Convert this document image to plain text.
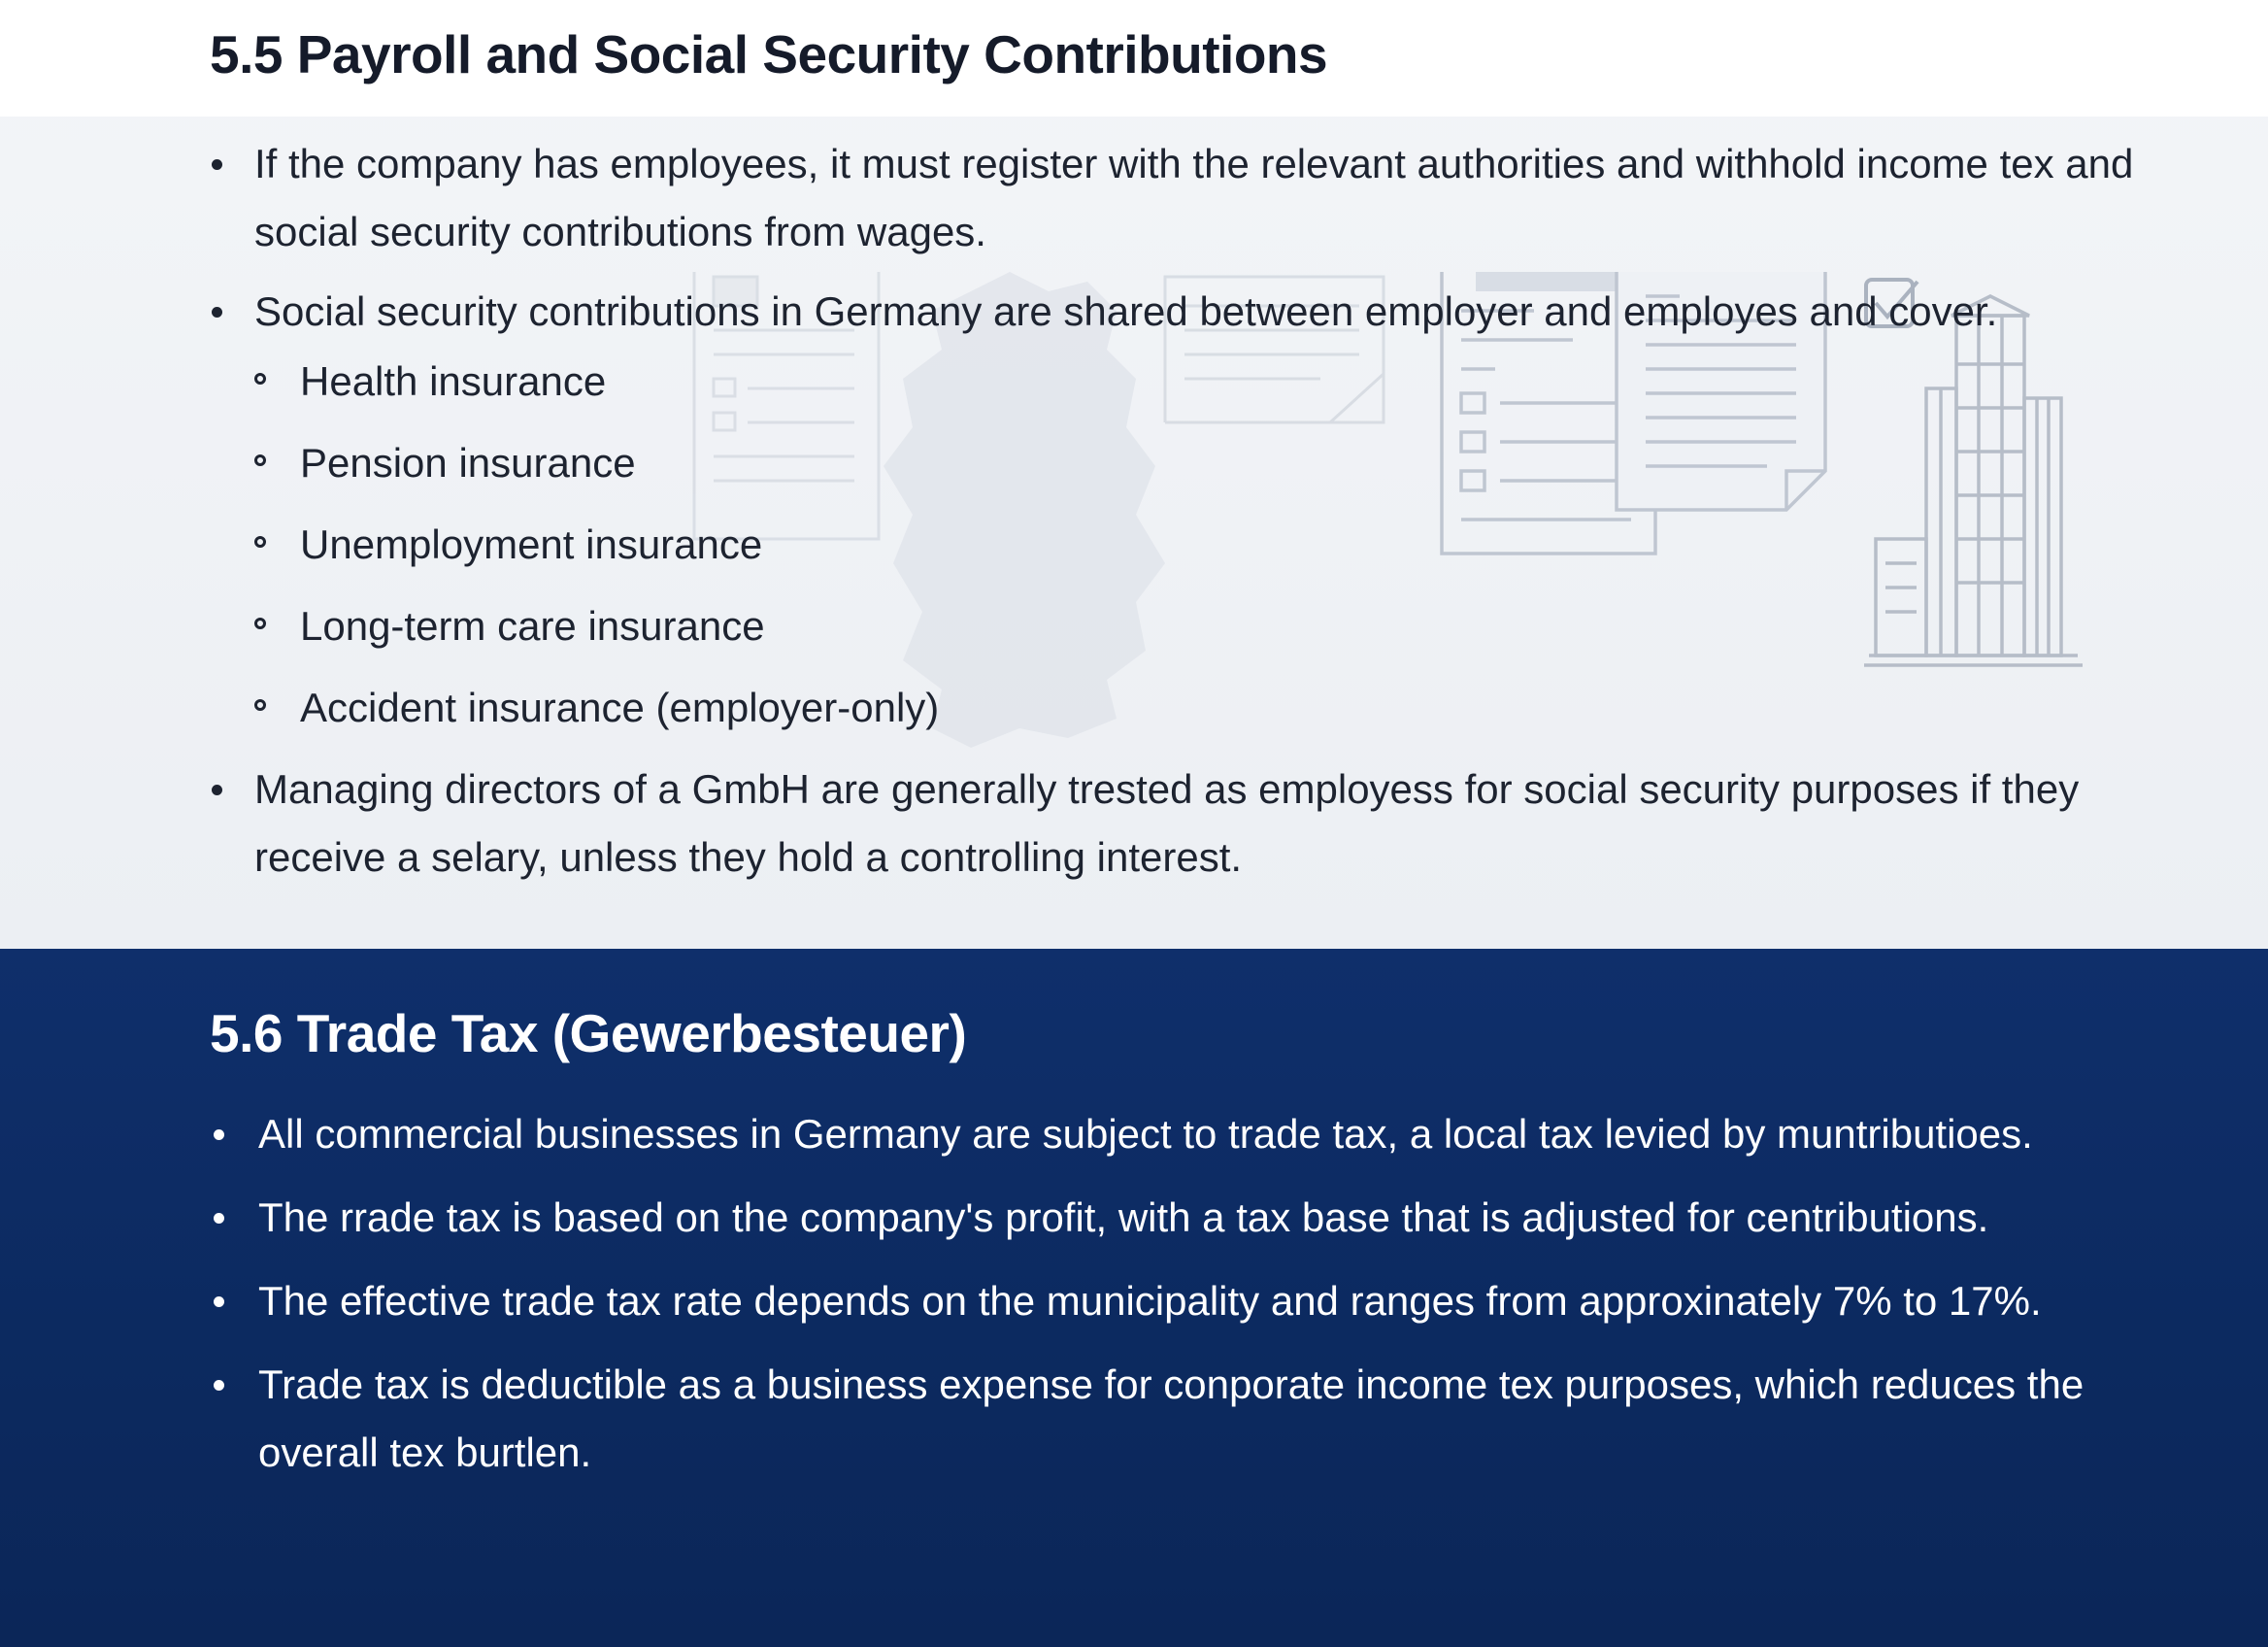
5.5 Payroll and Social Security Contributions
If the company has employees, it must register with the relevant authorities and withhold income tex and social security contributions from wages.
Social security contributions in Germany are shared between employer and employes and cover.
Health insurance
Pension insurance
Unemployment insurance
Long-term care insurance
Accident insurance (employer-only)
Managing directors of a GmbH are generally trested as employess for social security purposes if they receive a selary, unless they hold a controlling interest.
5.6 Trade Tax (Gewerbesteuer)
All commercial businesses in Germany are subject to trade tax, a local tax levied by muntributioes.
The rrade tax is based on the company's profit, with a tax base that is adjusted for centributions.
The effective trade tax rate depends on the municipality and ranges from approxinately 7% to 17%.
Trade tax is deductible as a business expense for conporate income tex purposes, which reduces the overall tex burtlen.
